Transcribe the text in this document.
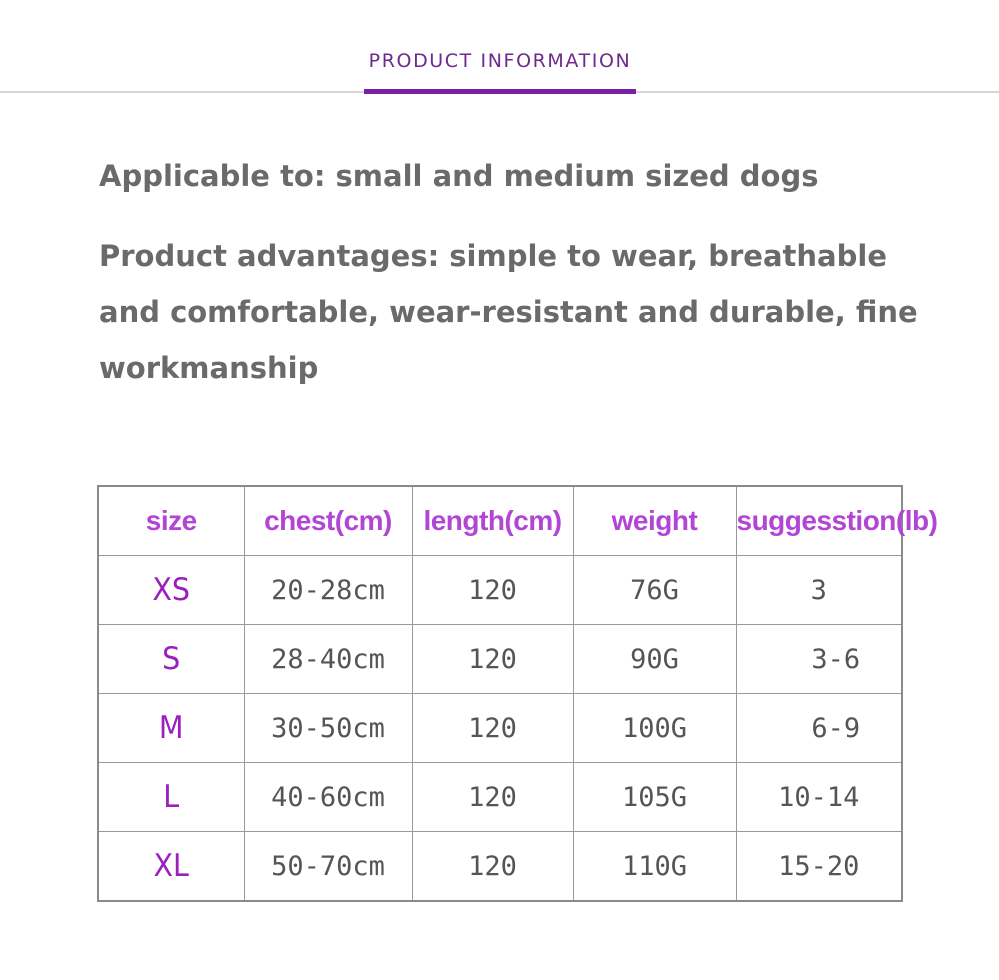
PRODUCT INFORMATION
Applicable to: small and medium sized dogs
Product advantages: simple to wear, breathable and comfortable, wear-resistant and durable, fine workmanship
size	chest(cm)	length(cm)	weight	suggesstion(lb)
XS	20-28cm	120	76G	3
S	28-40cm	120	90G	3-6
M	30-50cm	120	100G	6-9
L	40-60cm	120	105G	10-14
XL	50-70cm	120	110G	15-20
